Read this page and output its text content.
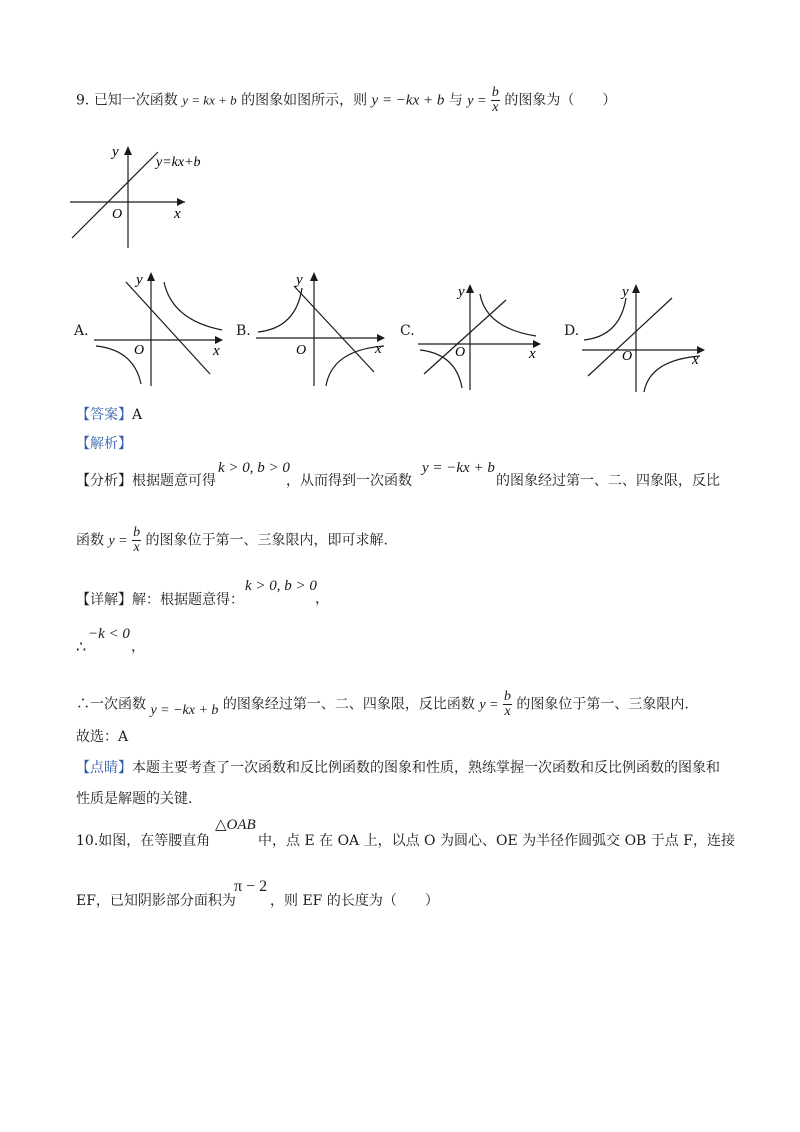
9. 已知一次函数 y = kx + b 的图象如图所示，则 y = −kx + b 与 $y = \frac{b}{x}$ 的图象为（　　）
y
x
O
y=kx+b
A.
y
x
O
B.
y
x
O
C.
y
x
O
D.
y
x
O
【答案】A
【解析】
【分析】根据题意可得
k > 0, b > 0
，从而得到一次函数
y = −kx + b
的图象经过第一、二、四象限，反比
函数 $y = \frac{b}{x}$ 的图象位于第一、三象限内，即可求解.
【详解】解：根据题意得：
k > 0, b > 0
，
∴
−k < 0
，
∴一次函数 y = −kx + b 的图象经过第一、二、四象限，反比函数 $y = \frac{b}{x}$ 的图象位于第一、三象限内.
故选：A
【点睛】本题主要考查了一次函数和反比例函数的图象和性质，熟练掌握一次函数和反比例函数的图象和
性质是解题的关键.
10.如图，在等腰直角
△OAB
中，点 E 在 OA 上，以点 O 为圆心、OE 为半径作圆弧交 OB 于点 F，连接
EF，已知阴影部分面积为
π − 2
，则 EF 的长度为（　　）
